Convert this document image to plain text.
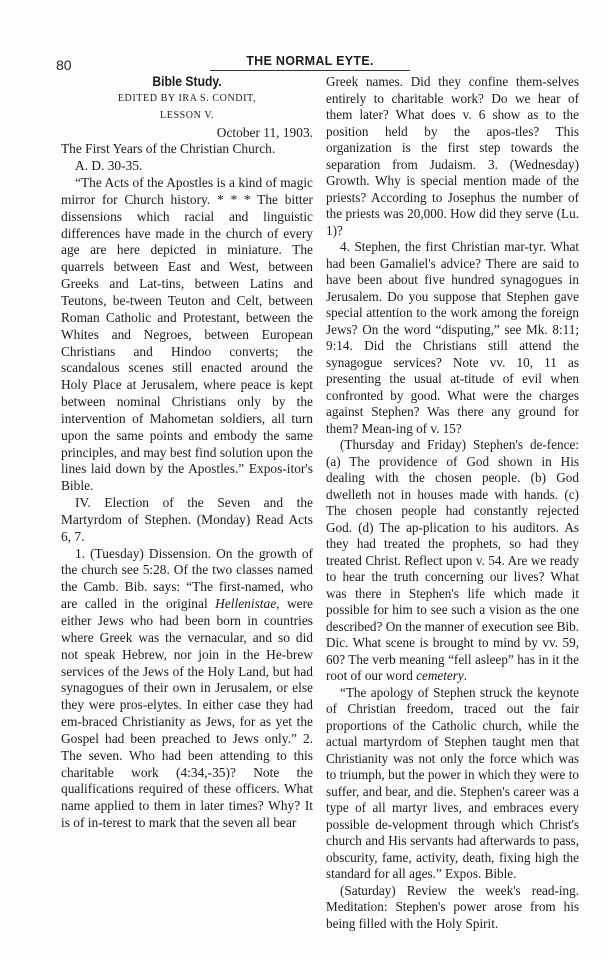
80	THE NORMAL EYTE.

Bible Study.

EDITED BY IRA S. CONDIT,

LESSON V.

October 11, 1903.

The First Years of the Christian Church.

A. D. 30-35.

“The Acts of the Apostles is a kind of magic mirror for Church history. * * * The bitter dissensions which racial and linguistic differences have made in the church of every age are here depicted in miniature. The quarrels between East and West, between Greeks and Lat-tins, between Latins and Teutons, be-tween Teuton and Celt, between Roman Catholic and Protestant, between the Whites and Negroes, between European Christians and Hindoo converts; the scandalous scenes still enacted around the Holy Place at Jerusalem, where peace is kept between nominal Christians only by the intervention of Mahometan soldiers, all turn upon the same points and embody the same principles, and may best find solution upon the lines laid down by the Apostles.” Expos-itor's Bible.

IV. Election of the Seven and the Martyrdom of Stephen. (Monday) Read Acts 6, 7.

1. (Tuesday) Dissension. On the growth of the church see 5:28. Of the two classes named the Camb. Bib. says: “The first-named, who are called in the original Hellenistae, were either Jews who had been born in countries where Greek was the vernacular, and so did not speak Hebrew, nor join in the He-brew services of the Jews of the Holy Land, but had synagogues of their own in Jerusalem, or else they were pros-elytes. In either case they had em-braced Christianity as Jews, for as yet the Gospel had been preached to Jews only.” 2. The seven. Who had been attending to this charitable work (4:34,-35)? Note the qualifications required of these officers. What name applied to them in later times? Why? It is of in-terest to mark that the seven all bear

Greek names. Did they confine them-selves entirely to charitable work? Do we hear of them later? What does v. 6 show as to the position held by the apos-tles? This organization is the first step towards the separation from Judaism. 3. (Wednesday) Growth. Why is special mention made of the priests? According to Josephus the number of the priests was 20,000. How did they serve (Lu. 1)?

4. Stephen, the first Christian mar-tyr. What had been Gamaliel's advice? There are said to have been about five hundred synagogues in Jerusalem. Do you suppose that Stephen gave special attention to the work among the foreign Jews? On the word “disputing,” see Mk. 8:11; 9:14. Did the Christians still attend the synagogue services? Note vv. 10, 11 as presenting the usual at-titude of evil when confronted by good. What were the charges against Stephen? Was there any ground for them? Mean-ing of v. 15?

(Thursday and Friday) Stephen's de-fence: (a) The providence of God shown in His dealing with the chosen people. (b) God dwelleth not in houses made with hands. (c) The chosen people had constantly rejected God. (d) The ap-plication to his auditors. As they had treated the prophets, so had they treated Christ. Reflect upon v. 54. Are we ready to hear the truth concerning our lives? What was there in Stephen's life which made it possible for him to see such a vision as the one described? On the manner of execution see Bib. Dic. What scene is brought to mind by vv. 59, 60? The verb meaning “fell asleep” has in it the root of our word cemetery.

“The apology of Stephen struck the keynote of Christian freedom, traced out the fair proportions of the Catholic church, while the actual martyrdom of Stephen taught men that Christianity was not only the force which was to triumph, but the power in which they were to suffer, and bear, and die. Stephen's career was a type of all martyr lives, and embraces every possible de-velopment through which Christ's church and His servants had afterwards to pass, obscurity, fame, activity, death, fixing high the standard for all ages.” Expos. Bible.

(Saturday) Review the week's read-ing. Meditation: Stephen's power arose from his being filled with the Holy Spirit.
